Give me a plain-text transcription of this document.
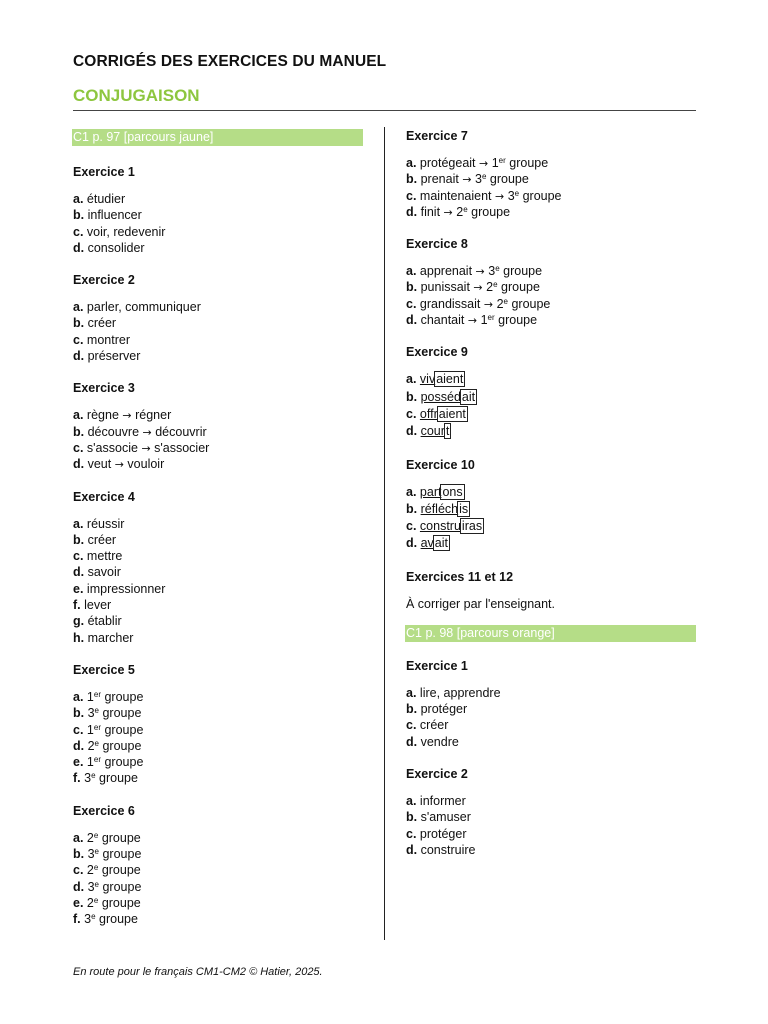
CORRIGÉS DES EXERCICES DU MANUEL
CONJUGAISON
C1 p. 97 [parcours jaune]
Exercice 1
a. étudier
b. influencer
c. voir, redevenir
d. consolider
Exercice 2
a. parler, communiquer
b. créer
c. montrer
d. préserver
Exercice 3
a. règne → régner
b. découvre → découvrir
c. s'associe → s'associer
d. veut → vouloir
Exercice 4
a. réussir
b. créer
c. mettre
d. savoir
e. impressionner
f. lever
g. établir
h. marcher
Exercice 5
a. 1er groupe
b. 3e groupe
c. 1er groupe
d. 2e groupe
e. 1er groupe
f. 3e groupe
Exercice 6
a. 2e groupe
b. 3e groupe
c. 2e groupe
d. 3e groupe
e. 2e groupe
f. 3e groupe
Exercice 7
a. protégeait → 1er groupe
b. prenait → $3^e$ groupe
c. maintenaient → $3^e$ groupe
d. finit → $2^e$ groupe
Exercice 8
a. apprenait → $3^e$ groupe
b. punissait → $2^e$ groupe
c. grandissait → $2^e$ groupe
d. chantait → 1er groupe
Exercice 9
a. vivaient
b. possédait
c. offraient
d. court
Exercice 10
a. partons
b. réfléchis
c. construiras
d. avait
Exercices 11 et 12
À corriger par l'enseignant.
C1 p. 98 [parcours orange]
Exercice 1
a. lire, apprendre
b. protéger
c. créer
d. vendre
Exercice 2
a. informer
b. s'amuser
c. protéger
d. construire
En route pour le français CM1-CM2 © Hatier, 2025.
